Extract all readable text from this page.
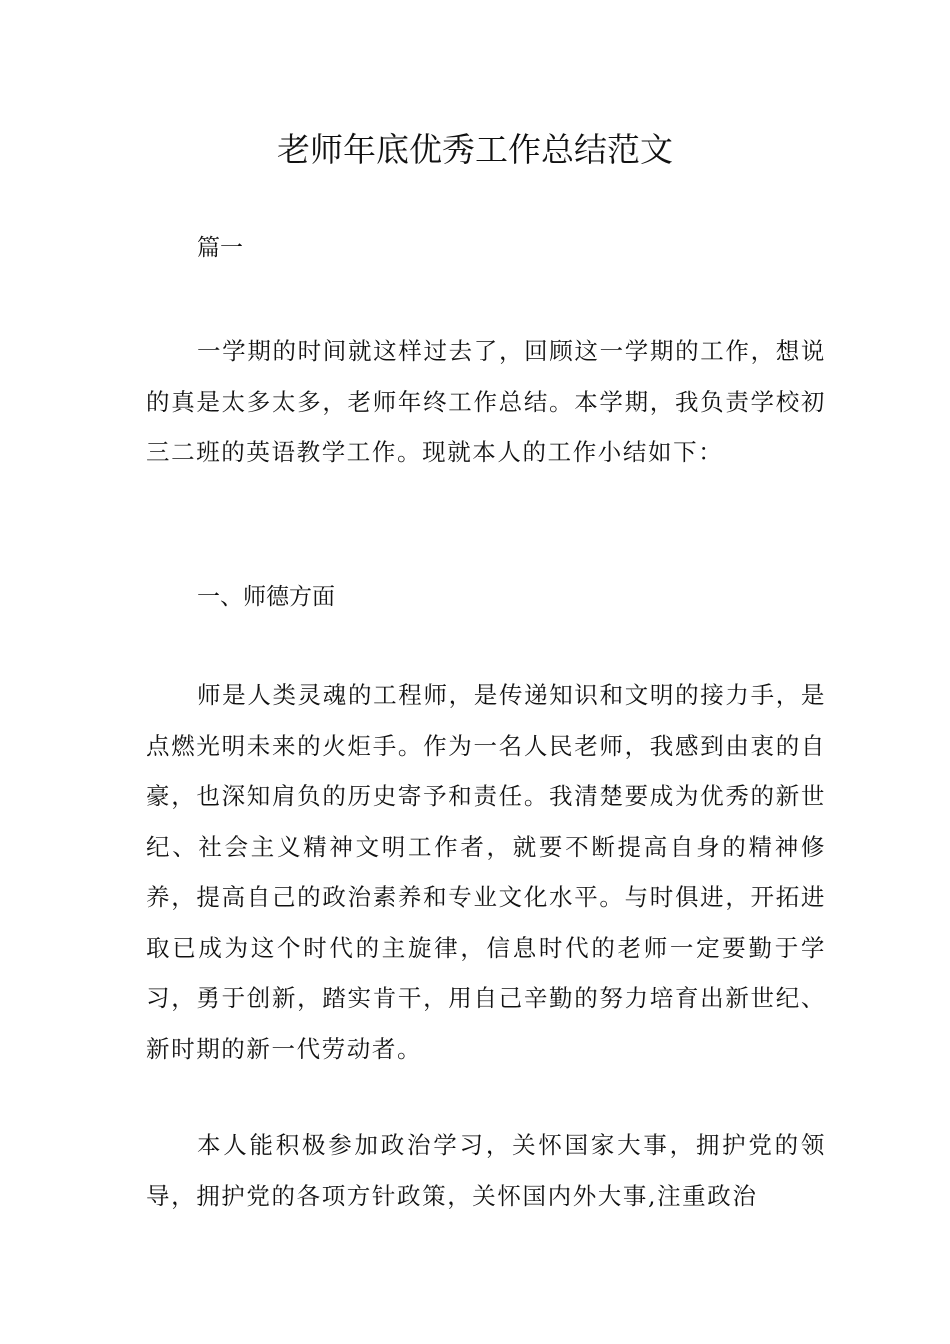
老师年底优秀工作总结范文
篇一

一学期的时间就这样过去了，回顾这一学期的工作，想说的真是太多太多，老师年终工作总结。本学期，我负责学校初三二班的英语教学工作。现就本人的工作小结如下：

一、师德方面

师是人类灵魂的工程师，是传递知识和文明的接力手，是点燃光明未来的火炬手。作为一名人民老师，我感到由衷的自豪，也深知肩负的历史寄予和责任。我清楚要成为优秀的新世纪、社会主义精神文明工作者，就要不断提高自身的精神修养，提高自己的政治素养和专业文化水平。与时俱进，开拓进取已成为这个时代的主旋律，信息时代的老师一定要勤于学习，勇于创新，踏实肯干，用自己辛勤的努力培育出新世纪、新时期的新一代劳动者。

本人能积极参加政治学习，关怀国家大事，拥护党的领导，拥护党的各项方针政策，关怀国内外大事,注重政治
